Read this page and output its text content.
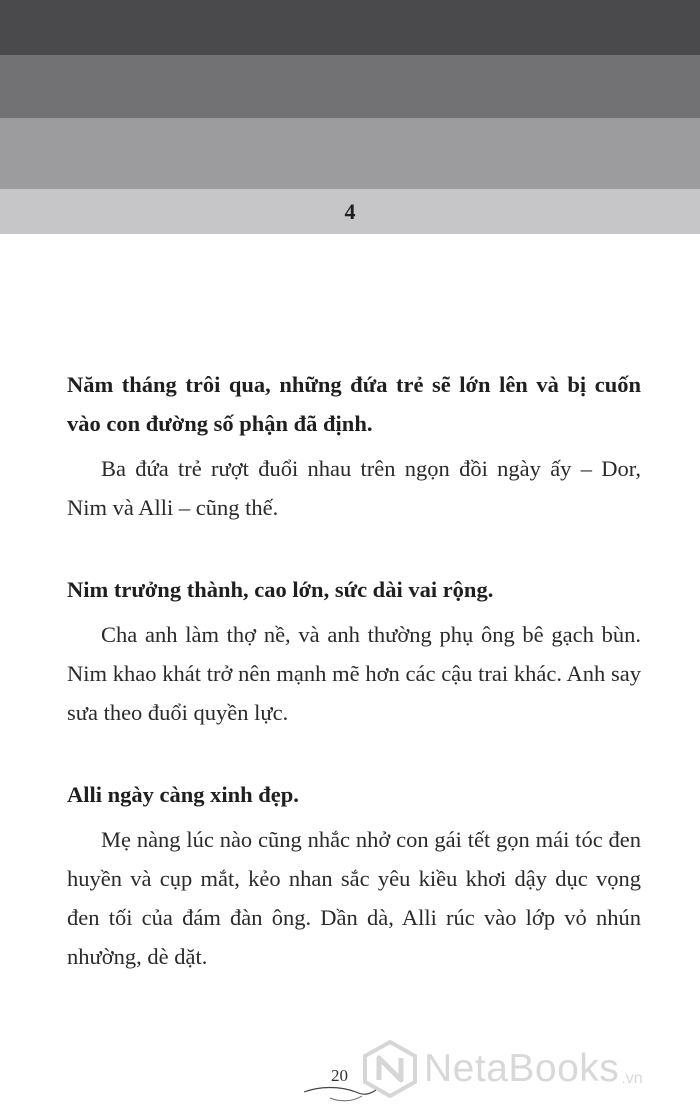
4

Năm tháng trôi qua, những đứa trẻ sẽ lớn lên và bị cuốn vào con đường số phận đã định.

Ba đứa trẻ rượt đuổi nhau trên ngọn đồi ngày ấy – Dor, Nim và Alli – cũng thế.

Nim trưởng thành, cao lớn, sức dài vai rộng.

Cha anh làm thợ nề, và anh thường phụ ông bê gạch bùn. Nim khao khát trở nên mạnh mẽ hơn các cậu trai khác. Anh say sưa theo đuổi quyền lực.

Alli ngày càng xinh đẹp.

Mẹ nàng lúc nào cũng nhắc nhở con gái tết gọn mái tóc đen huyền và cụp mắt, kẻo nhan sắc yêu kiều khơi dậy dục vọng đen tối của đám đàn ông. Dần dà, Alli rúc vào lớp vỏ nhún nhường, dè dặt.

20 NetaBooks .vn
